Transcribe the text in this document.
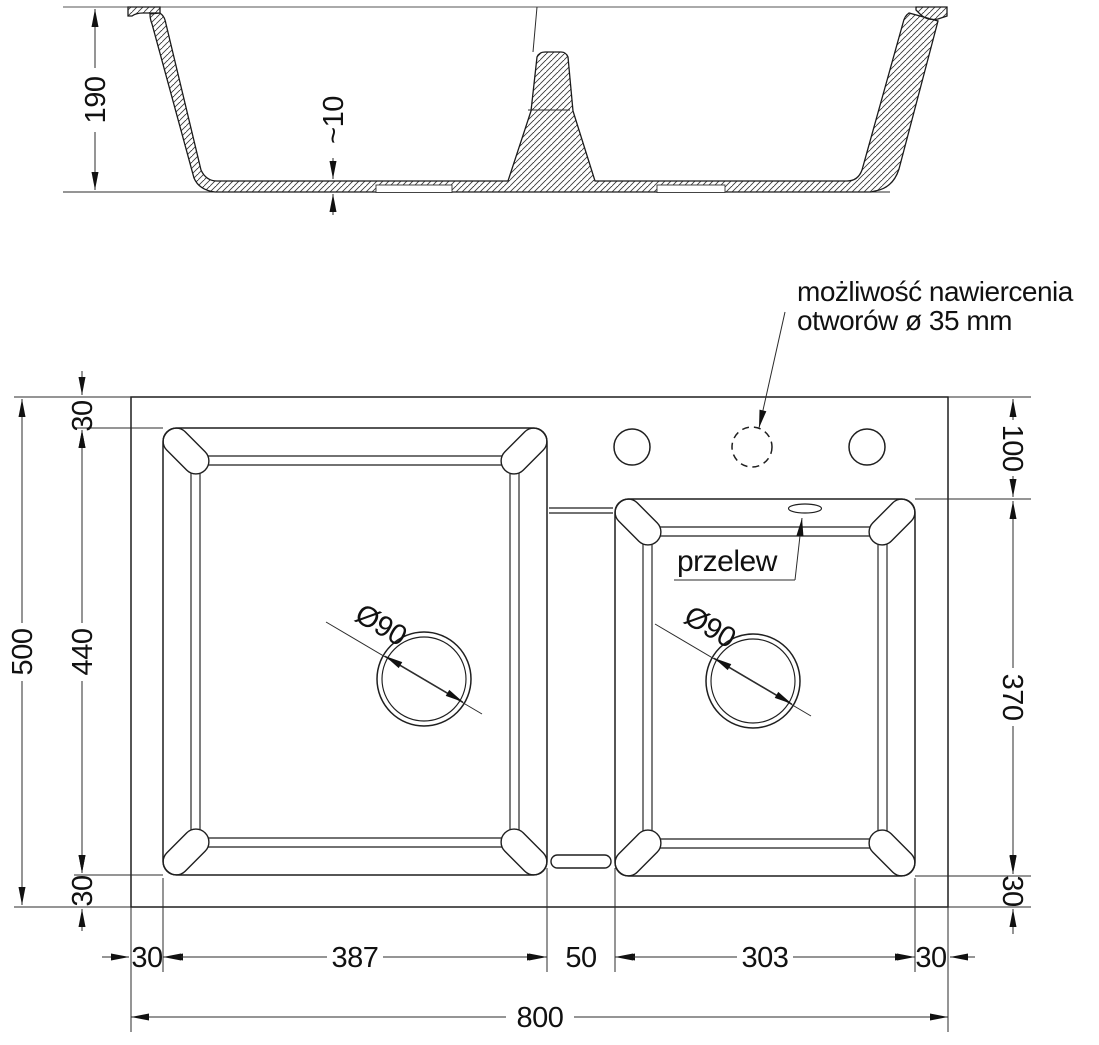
190	~10
Ø90	Ø90
przelew
możliwość nawiercenia
otworów ø 35 mm
30	387	50	303	30
800
500 440
30
30
100
370
30
